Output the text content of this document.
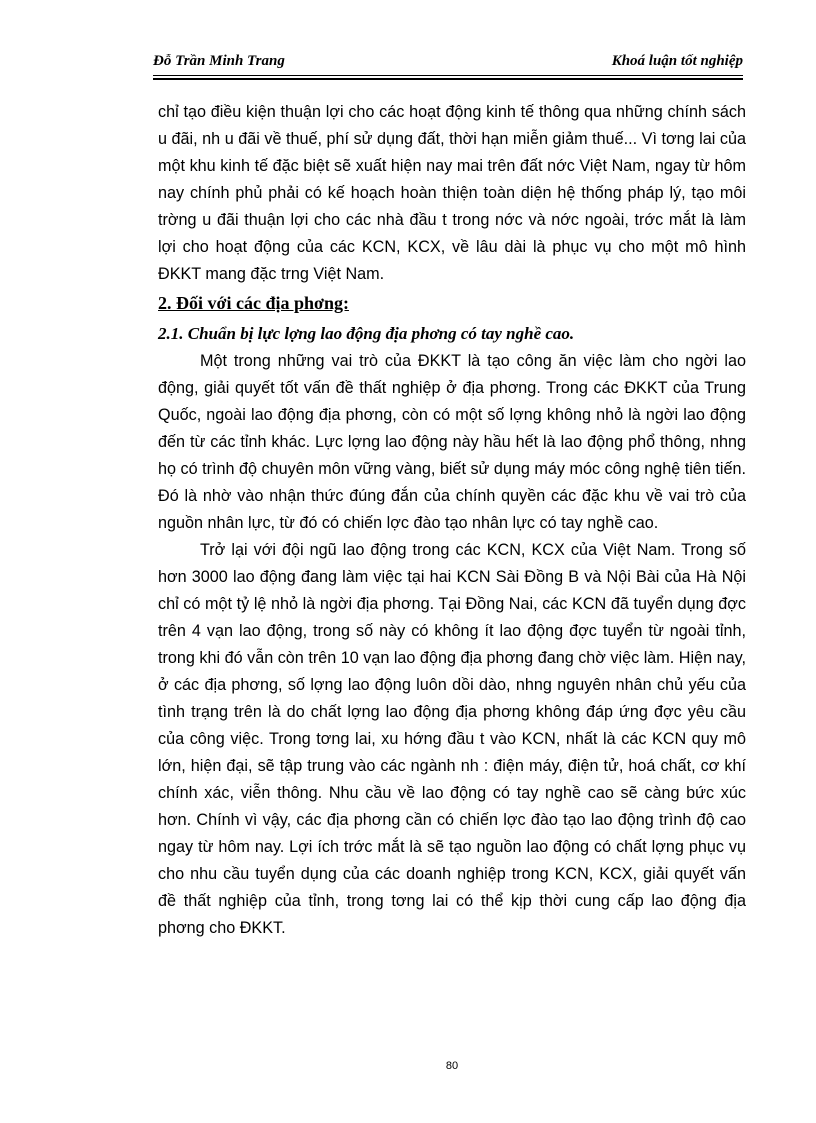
Đỗ Trần Minh Trang	Khoá luận tốt nghiệp

chỉ tạo điều kiện thuận lợi cho các hoạt động kinh tế thông qua những chính sách u đãi, nh u đãi về thuế, phí sử dụng đất, thời hạn miễn giảm thuế... Vì tơng lai của một khu kinh tế đặc biệt sẽ xuất hiện nay mai trên đất nớc Việt Nam, ngay từ hôm nay chính phủ phải có kế hoạch hoàn thiện toàn diện hệ thống pháp lý, tạo môi trờng u đãi thuận lợi cho các nhà đầu t trong nớc và nớc ngoài, trớc mắt là làm lợi cho hoạt động của các KCN, KCX, về lâu dài là phục vụ cho một mô hình ĐKKT mang đặc trng Việt Nam.

2. Đối với các địa phơng:

2.1. Chuẩn bị lực lợng lao động địa phơng có tay nghề cao.

Một trong những vai trò của ĐKKT là tạo công ăn việc làm cho ngời lao động, giải quyết tốt vấn đề thất nghiệp ở địa phơng. Trong các ĐKKT của Trung Quốc, ngoài lao động địa phơng, còn có một số lợng không nhỏ là ngời lao động đến từ các tỉnh khác. Lực lợng lao động này hầu hết là lao động phổ thông, nhng họ có trình độ chuyên môn vững vàng, biết sử dụng máy móc công nghệ tiên tiến. Đó là nhờ vào nhận thức đúng đắn của chính quyền các đặc khu về vai trò của nguồn nhân lực, từ đó có chiến lợc đào tạo nhân lực có tay nghề cao.

Trở lại với đội ngũ lao động trong các KCN, KCX của Việt Nam. Trong số hơn 3000 lao động đang làm việc tại hai KCN Sài Đồng B và Nội Bài của Hà Nội chỉ có một tỷ lệ nhỏ là ngời địa phơng. Tại Đồng Nai, các KCN đã tuyển dụng đợc trên 4 vạn lao động, trong số này có không ít lao động đợc tuyển từ ngoài tỉnh, trong khi đó vẫn còn trên 10 vạn lao động địa phơng đang chờ việc làm. Hiện nay, ở các địa phơng, số lợng lao động luôn dồi dào, nhng nguyên nhân chủ yếu của tình trạng trên là do chất lợng lao động địa phơng không đáp ứng đợc yêu cầu của công việc. Trong tơng lai, xu hớng đầu t vào KCN, nhất là các KCN quy mô lớn, hiện đại, sẽ tập trung vào các ngành nh : điện máy, điện tử, hoá chất, cơ khí chính xác, viễn thông. Nhu cầu về lao động có tay nghề cao sẽ càng bức xúc hơn. Chính vì vậy, các địa phơng cần có chiến lợc đào tạo lao động trình độ cao ngay từ hôm nay. Lợi ích trớc mắt là sẽ tạo nguồn lao động có chất lợng phục vụ cho nhu cầu tuyển dụng của các doanh nghiệp trong KCN, KCX, giải quyết vấn đề thất nghiệp của tỉnh, trong tơng lai có thể kịp thời cung cấp lao động địa phơng cho ĐKKT.

80
